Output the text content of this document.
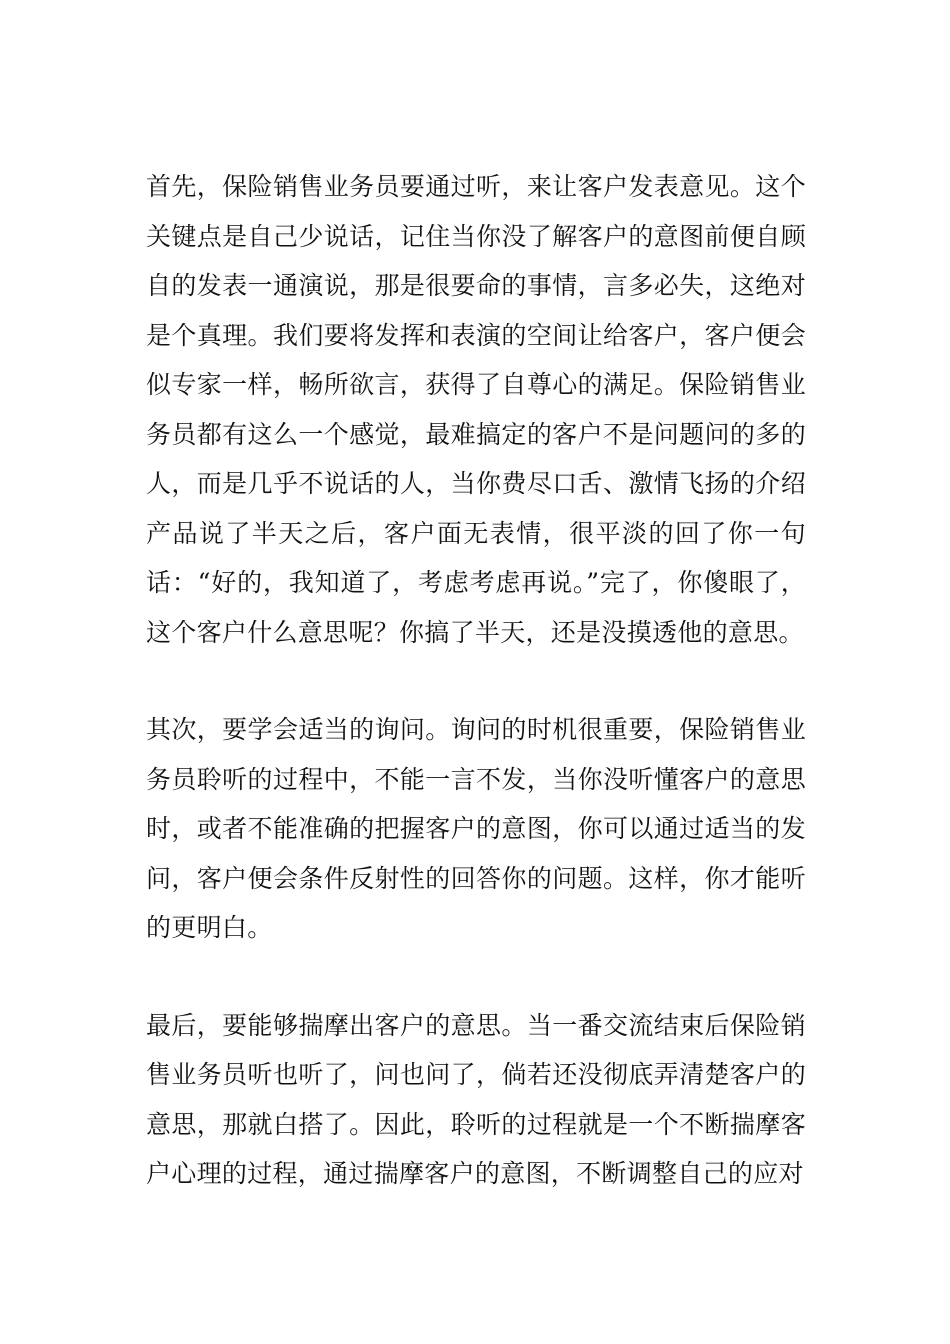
首先，保险销售业务员要通过听，来让客户发表意见。这个关键点是自己少说话，记住当你没了解客户的意图前便自顾自的发表一通演说，那是很要命的事情，言多必失，这绝对是个真理。我们要将发挥和表演的空间让给客户，客户便会似专家一样，畅所欲言，获得了自尊心的满足。保险销售业务员都有这么一个感觉，最难搞定的客户不是问题问的多的人，而是几乎不说话的人，当你费尽口舌、激情飞扬的介绍产品说了半天之后，客户面无表情，很平淡的回了你一句话：“好的，我知道了，考虑考虑再说。”完了，你傻眼了，这个客户什么意思呢？你搞了半天，还是没摸透他的意思。

其次，要学会适当的询问。询问的时机很重要，保险销售业务员聆听的过程中，不能一言不发，当你没听懂客户的意思时，或者不能准确的把握客户的意图，你可以通过适当的发问，客户便会条件反射性的回答你的问题。这样，你才能听的更明白。

最后，要能够揣摩出客户的意思。当一番交流结束后保险销售业务员听也听了，问也问了，倘若还没彻底弄清楚客户的意思，那就白搭了。因此，聆听的过程就是一个不断揣摩客户心理的过程，通过揣摩客户的意图，不断调整自己的应对
